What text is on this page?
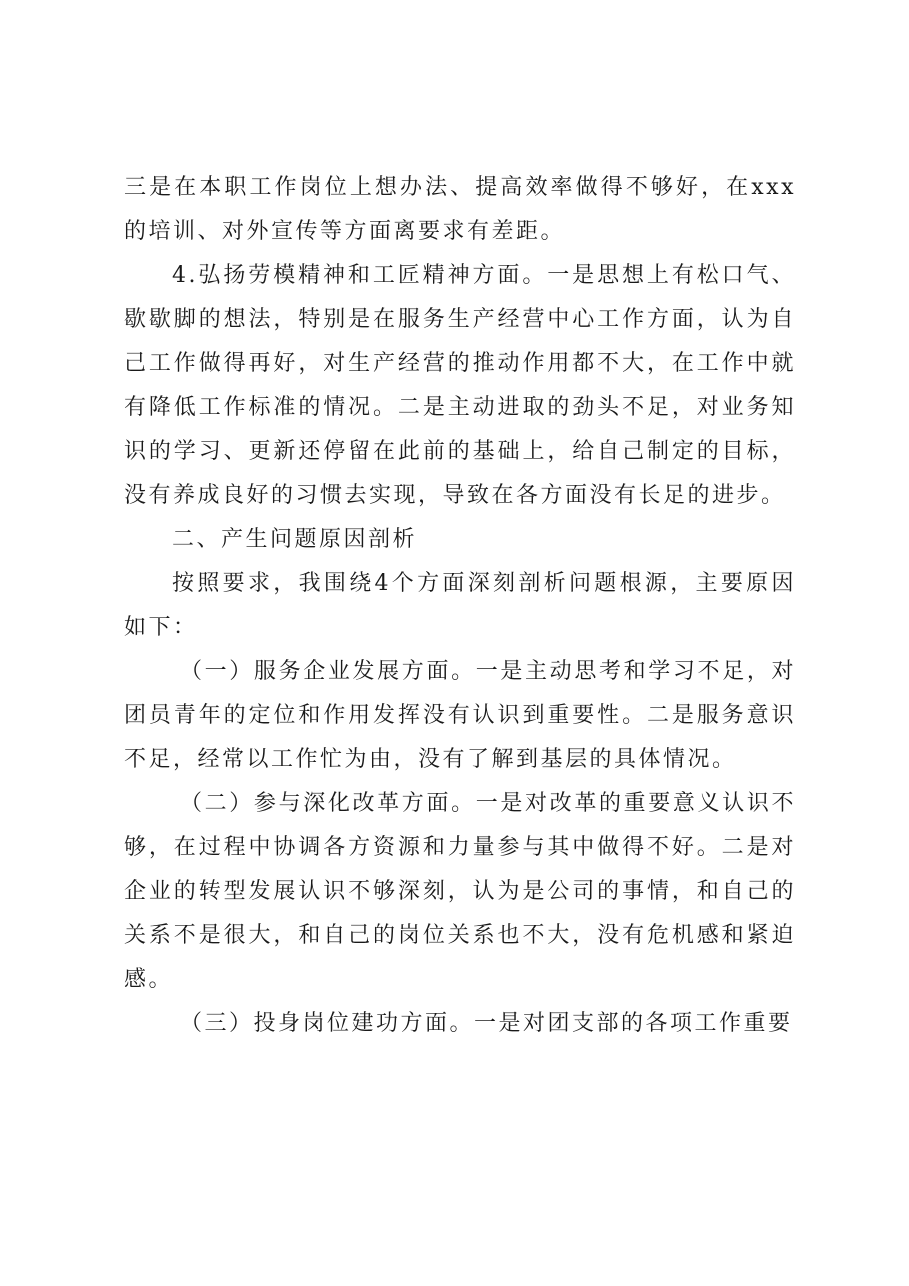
三是在本职工作岗位上想办法、提高效率做得不够好，在xxx的培训、对外宣传等方面离要求有差距。

4.弘扬劳模精神和工匠精神方面。一是思想上有松口气、歇歇脚的想法，特别是在服务生产经营中心工作方面，认为自己工作做得再好，对生产经营的推动作用都不大，在工作中就有降低工作标准的情况。二是主动进取的劲头不足，对业务知识的学习、更新还停留在此前的基础上，给自己制定的目标，没有养成良好的习惯去实现，导致在各方面没有长足的进步。

二、产生问题原因剖析

按照要求，我围绕4个方面深刻剖析问题根源，主要原因如下：

（一）服务企业发展方面。一是主动思考和学习不足，对团员青年的定位和作用发挥没有认识到重要性。二是服务意识不足，经常以工作忙为由，没有了解到基层的具体情况。

（二）参与深化改革方面。一是对改革的重要意义认识不够，在过程中协调各方资源和力量参与其中做得不好。二是对企业的转型发展认识不够深刻，认为是公司的事情，和自己的关系不是很大，和自己的岗位关系也不大，没有危机感和紧迫感。

（三）投身岗位建功方面。一是对团支部的各项工作重要
